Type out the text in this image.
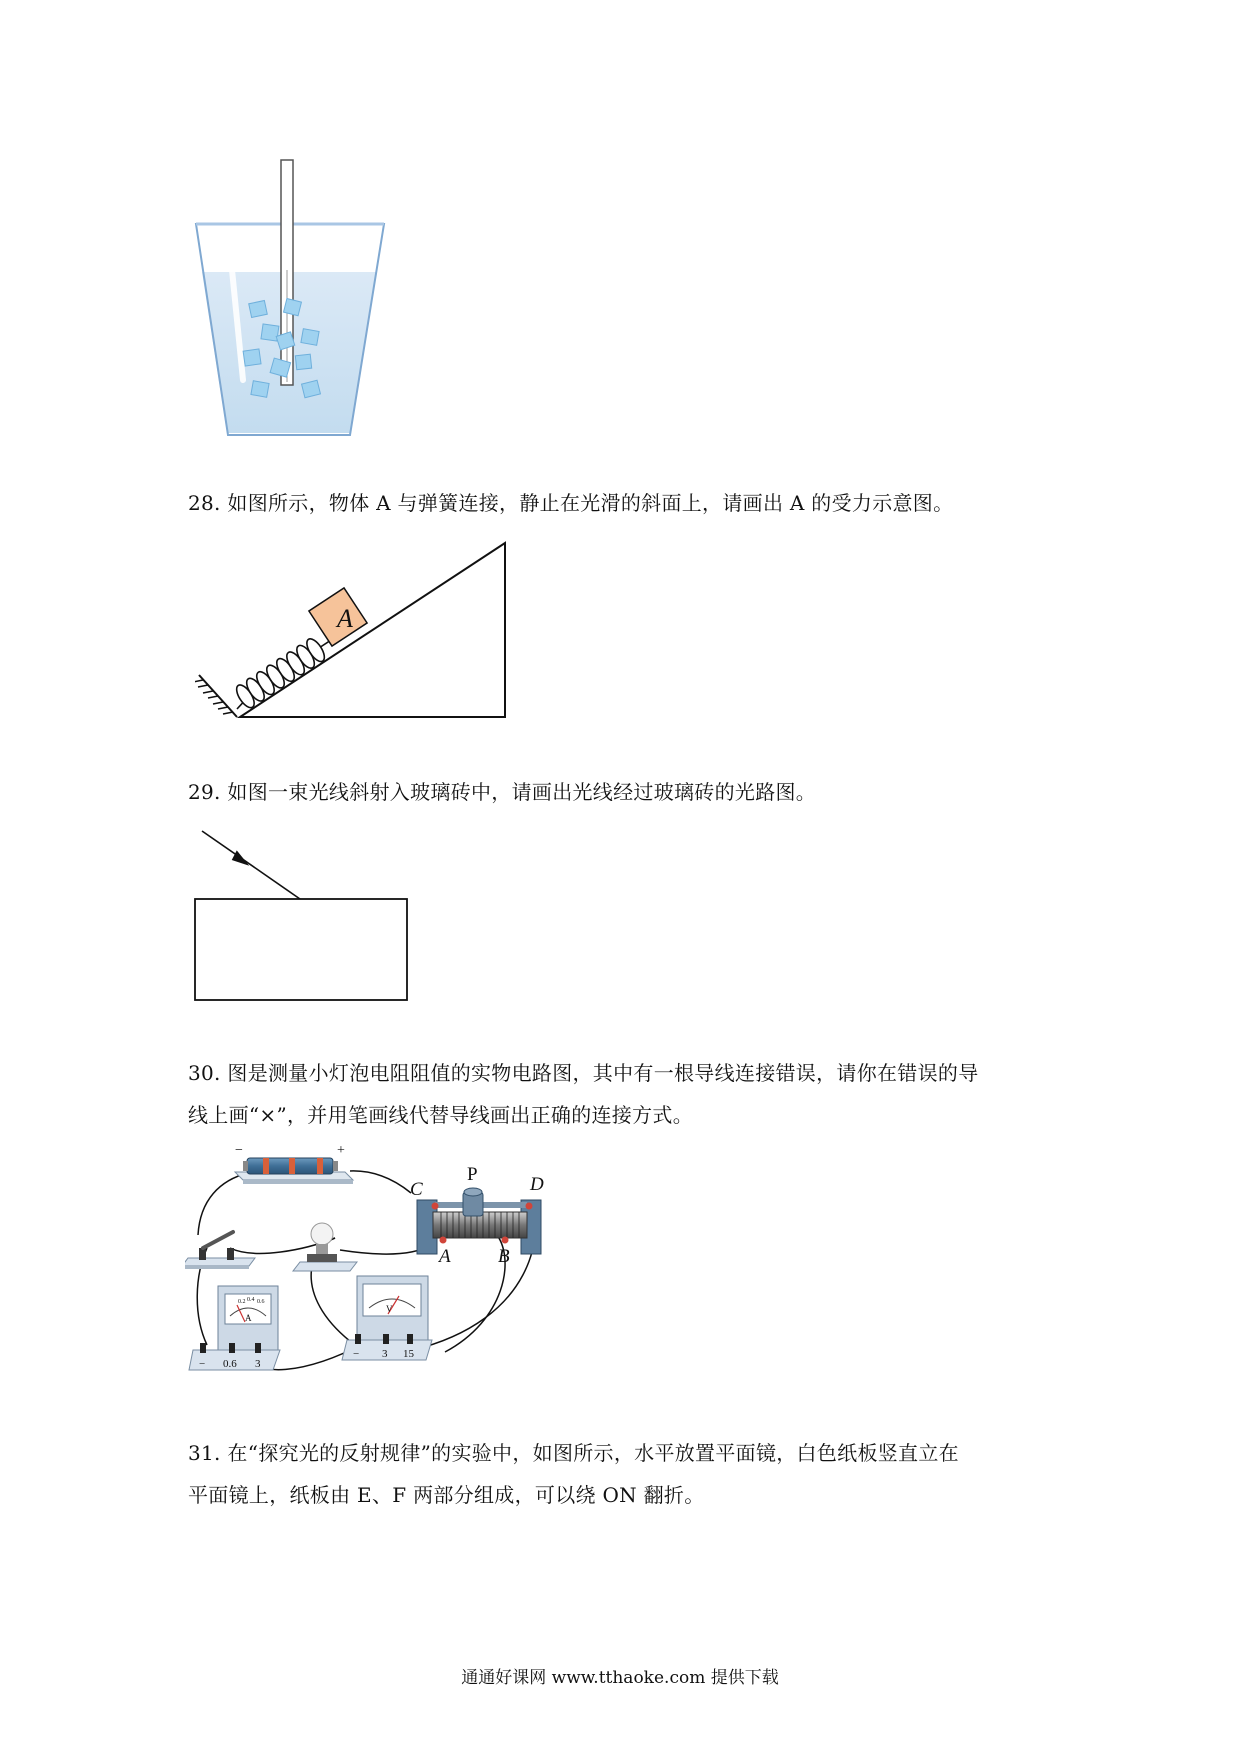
28. 如图所示，物体 A 与弹簧连接，静止在光滑的斜面上，请画出 A 的受力示意图。
A
29. 如图一束光线斜射入玻璃砖中，请画出光线经过玻璃砖的光路图。
30. 图是测量小灯泡电阻阻值的实物电路图，其中有一根导线连接错误，请你在错误的导
线上画“×”，并用笔画线代替导线画出正确的连接方式。
−	+
C
P	D
A B
0.2 0.4 0.6
A
− 0.6 3
V
− 3 15
31. 在“探究光的反射规律”的实验中，如图所示，水平放置平面镜，白色纸板竖直立在
平面镜上，纸板由 E、F 两部分组成，可以绕 ON 翻折。
通通好课网 www.tthaoke.com 提供下载
